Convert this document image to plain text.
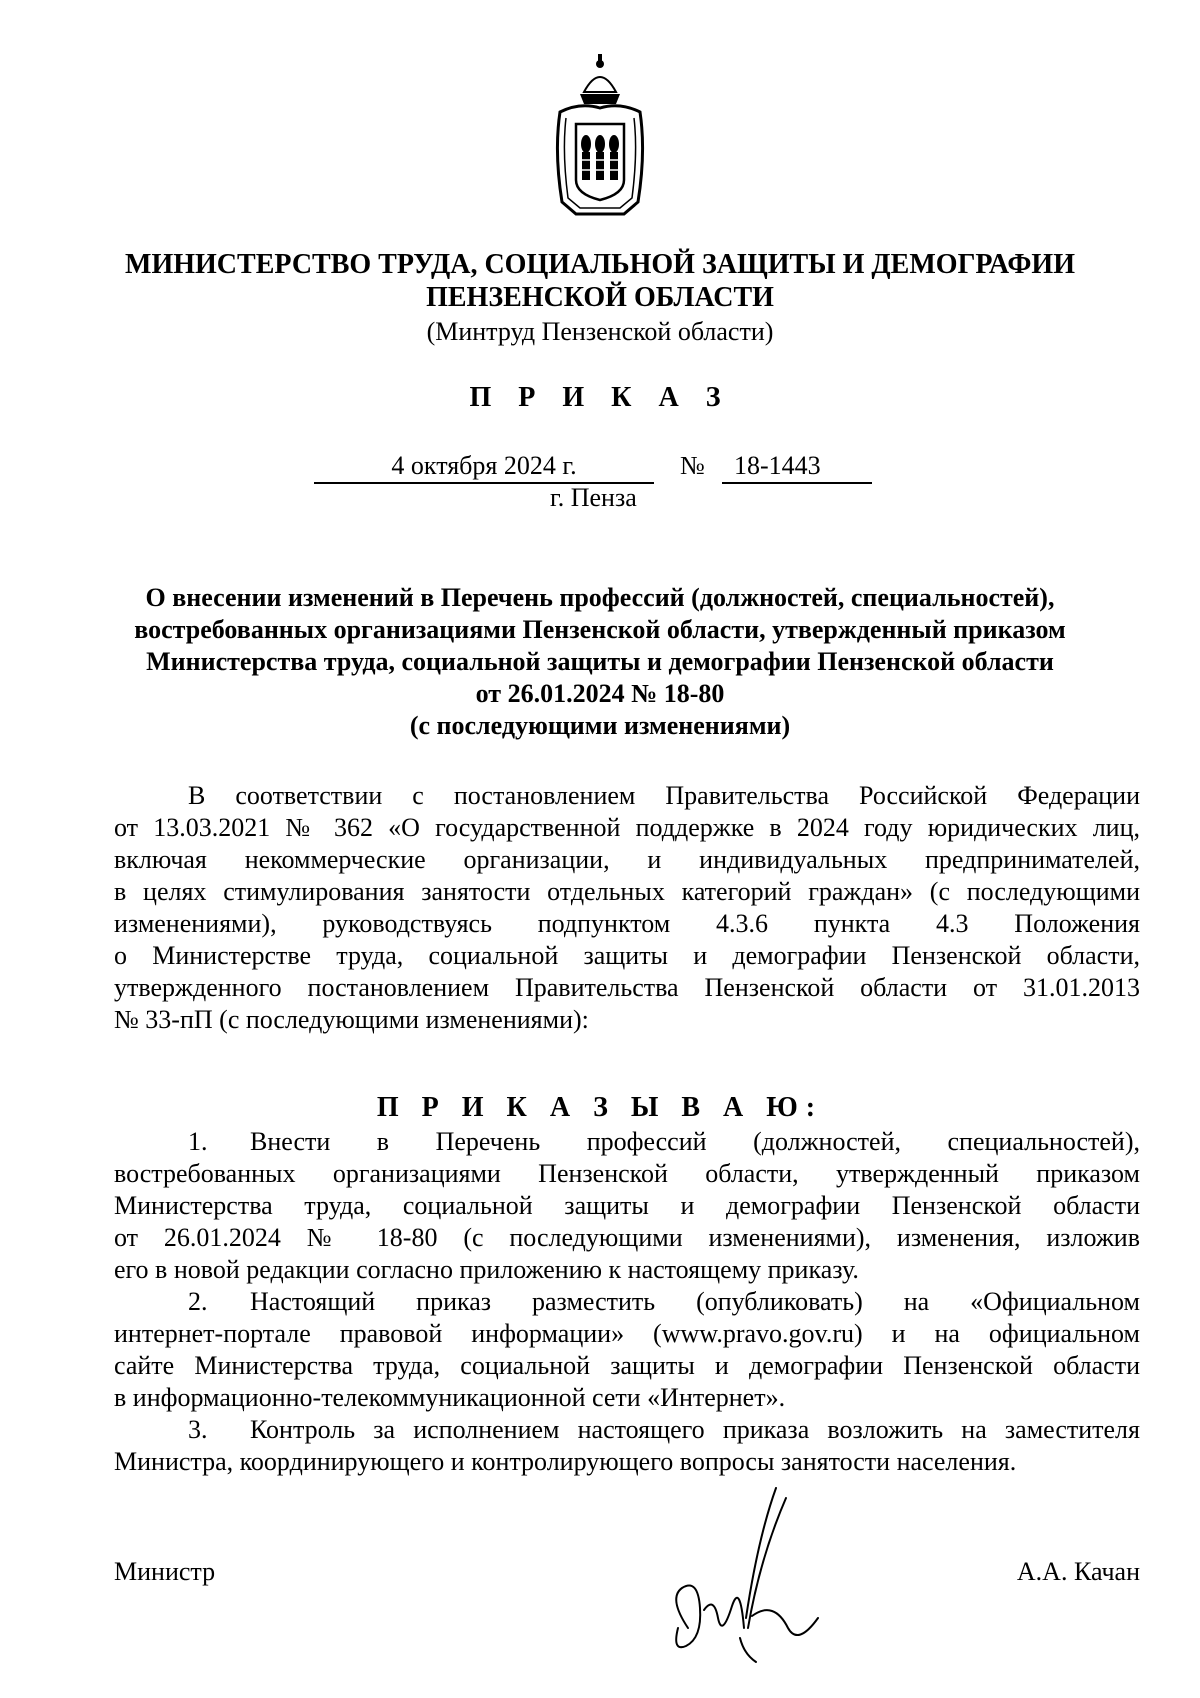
МИНИСТЕРСТВО ТРУДА, СОЦИАЛЬНОЙ ЗАЩИТЫ И ДЕМОГРАФИИ
ПЕНЗЕНСКОЙ ОБЛАСТИ
(Минтруд Пензенской области)
П Р И К А З
4 октября 2024 г.	№	18-1443
г. Пенза
О внесении изменений в Перечень профессий (должностей, специальностей),
востребованных организациями Пензенской области, утвержденный приказом
Министерства труда, социальной защиты и демографии Пензенской области
от 26.01.2024 № 18-80
(с последующими изменениями)
В соответствии с постановлением Правительства Российской Федерации
от 13.03.2021 № 362 «О государственной поддержке в 2024 году юридических лиц,
включая некоммерческие организации, и индивидуальных предпринимателей,
в целях стимулирования занятости отдельных категорий граждан» (с последующими
изменениями), руководствуясь подпунктом 4.3.6 пункта 4.3 Положения
о Министерстве труда, социальной защиты и демографии Пензенской области,
утвержденного постановлением Правительства Пензенской области от 31.01.2013
№ 33-пП (с последующими изменениями):
П Р И К А З Ы В А Ю:
1.	Внести в Перечень профессий (должностей, специальностей),
востребованных организациями Пензенской области, утвержденный приказом
Министерства труда, социальной защиты и демографии Пензенской области
от 26.01.2024 № 18-80 (с последующими изменениями), изменения, изложив
его в новой редакции согласно приложению к настоящему приказу.
2.	Настоящий приказ разместить (опубликовать) на «Официальном
интернет-портале правовой информации» (www.pravo.gov.ru) и на официальном
сайте Министерства труда, социальной защиты и демографии Пензенской области
в информационно-телекоммуникационной сети «Интернет».
3.	Контроль за исполнением настоящего приказа возложить на заместителя
Министра, координирующего и контролирующего вопросы занятости населения.
Министр	А.А. Качан
